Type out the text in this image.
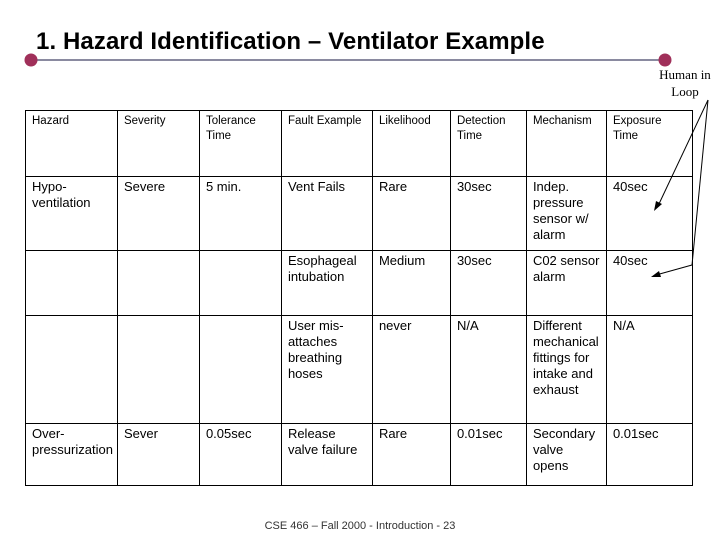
1. Hazard Identification – Ventilator Example
Human in Loop
Hazard	Severity	Tolerance Time	Fault Example	Likelihood	Detection Time	Mechanism	Exposure Time
Hypo-ventilation	Severe	5 min.	Vent Fails	Rare	30sec	Indep. pressure sensor w/ alarm	40sec
			Esophageal intubation	Medium	30sec	C02 sensor alarm	40sec
			User mis-attaches breathing hoses	never	N/A	Different mechanical fittings for intake and exhaust	N/A
Over-pressurization	Sever	0.05sec	Release valve failure	Rare	0.01sec	Secondary valve opens	0.01sec
CSE 466 – Fall 2000 - Introduction - 23
